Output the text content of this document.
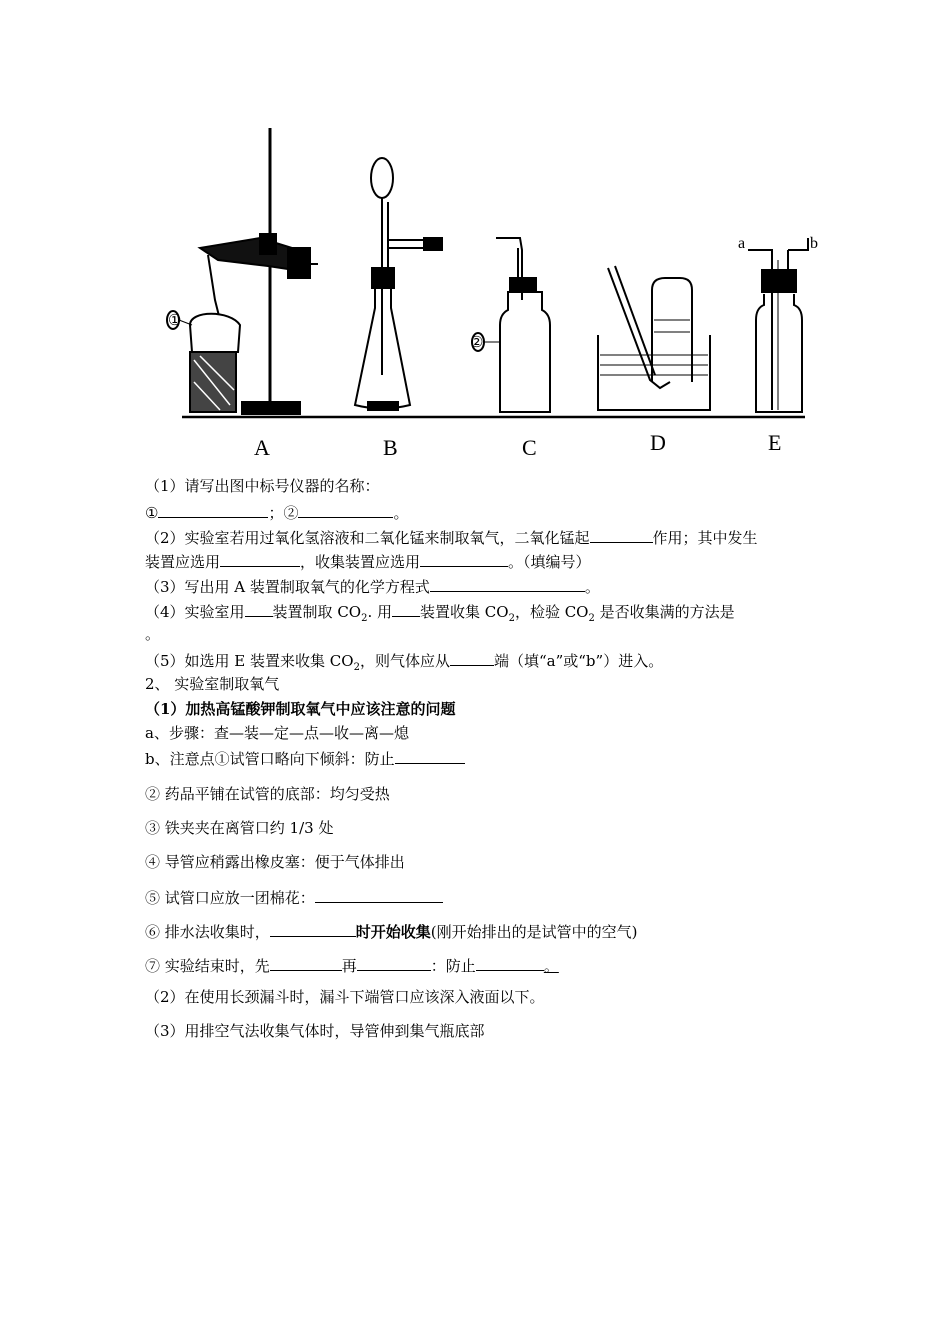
A	B	C	D	E
a	b
（1）请写出图中标号仪器的名称：
①	；②	。
（2）实验室若用过氧化氢溶液和二氧化锰来制取氧气，二氧化锰起	作用；其中发生
装置应选用	，收集装置应选用	。（填编号）
（3）写出用 A 装置制取氧气的化学方程式	。
（4）实验室用 装置制取 $CO_2$. 用 装置收集 $CO_2$，检验 $CO_2$ 是否收集满的方法是
。
（5）如选用 E 装置来收集 $CO_2$，则气体应从	端（填“a”或“b”）进入。
2、 实验室制取氧气
（1）加热高锰酸钾制取氧气中应该注意的问题
a、步骤：查—装—定—点—收—离—熄
b、注意点①试管口略向下倾斜：防止
② 药品平铺在试管的底部：均匀受热
③ 铁夹夹在离管口约 1/3 处
④ 导管应稍露出橡皮塞：便于气体排出
⑤ 试管口应放一团棉花：
⑥ 排水法收集时，	时开始收集(刚开始排出的是试管中的空气)
⑦ 实验结束时，先	再	：防止	。
（2）在使用长颈漏斗时，漏斗下端管口应该深入液面以下。
（3）用排空气法收集气体时，导管伸到集气瓶底部
①
②
